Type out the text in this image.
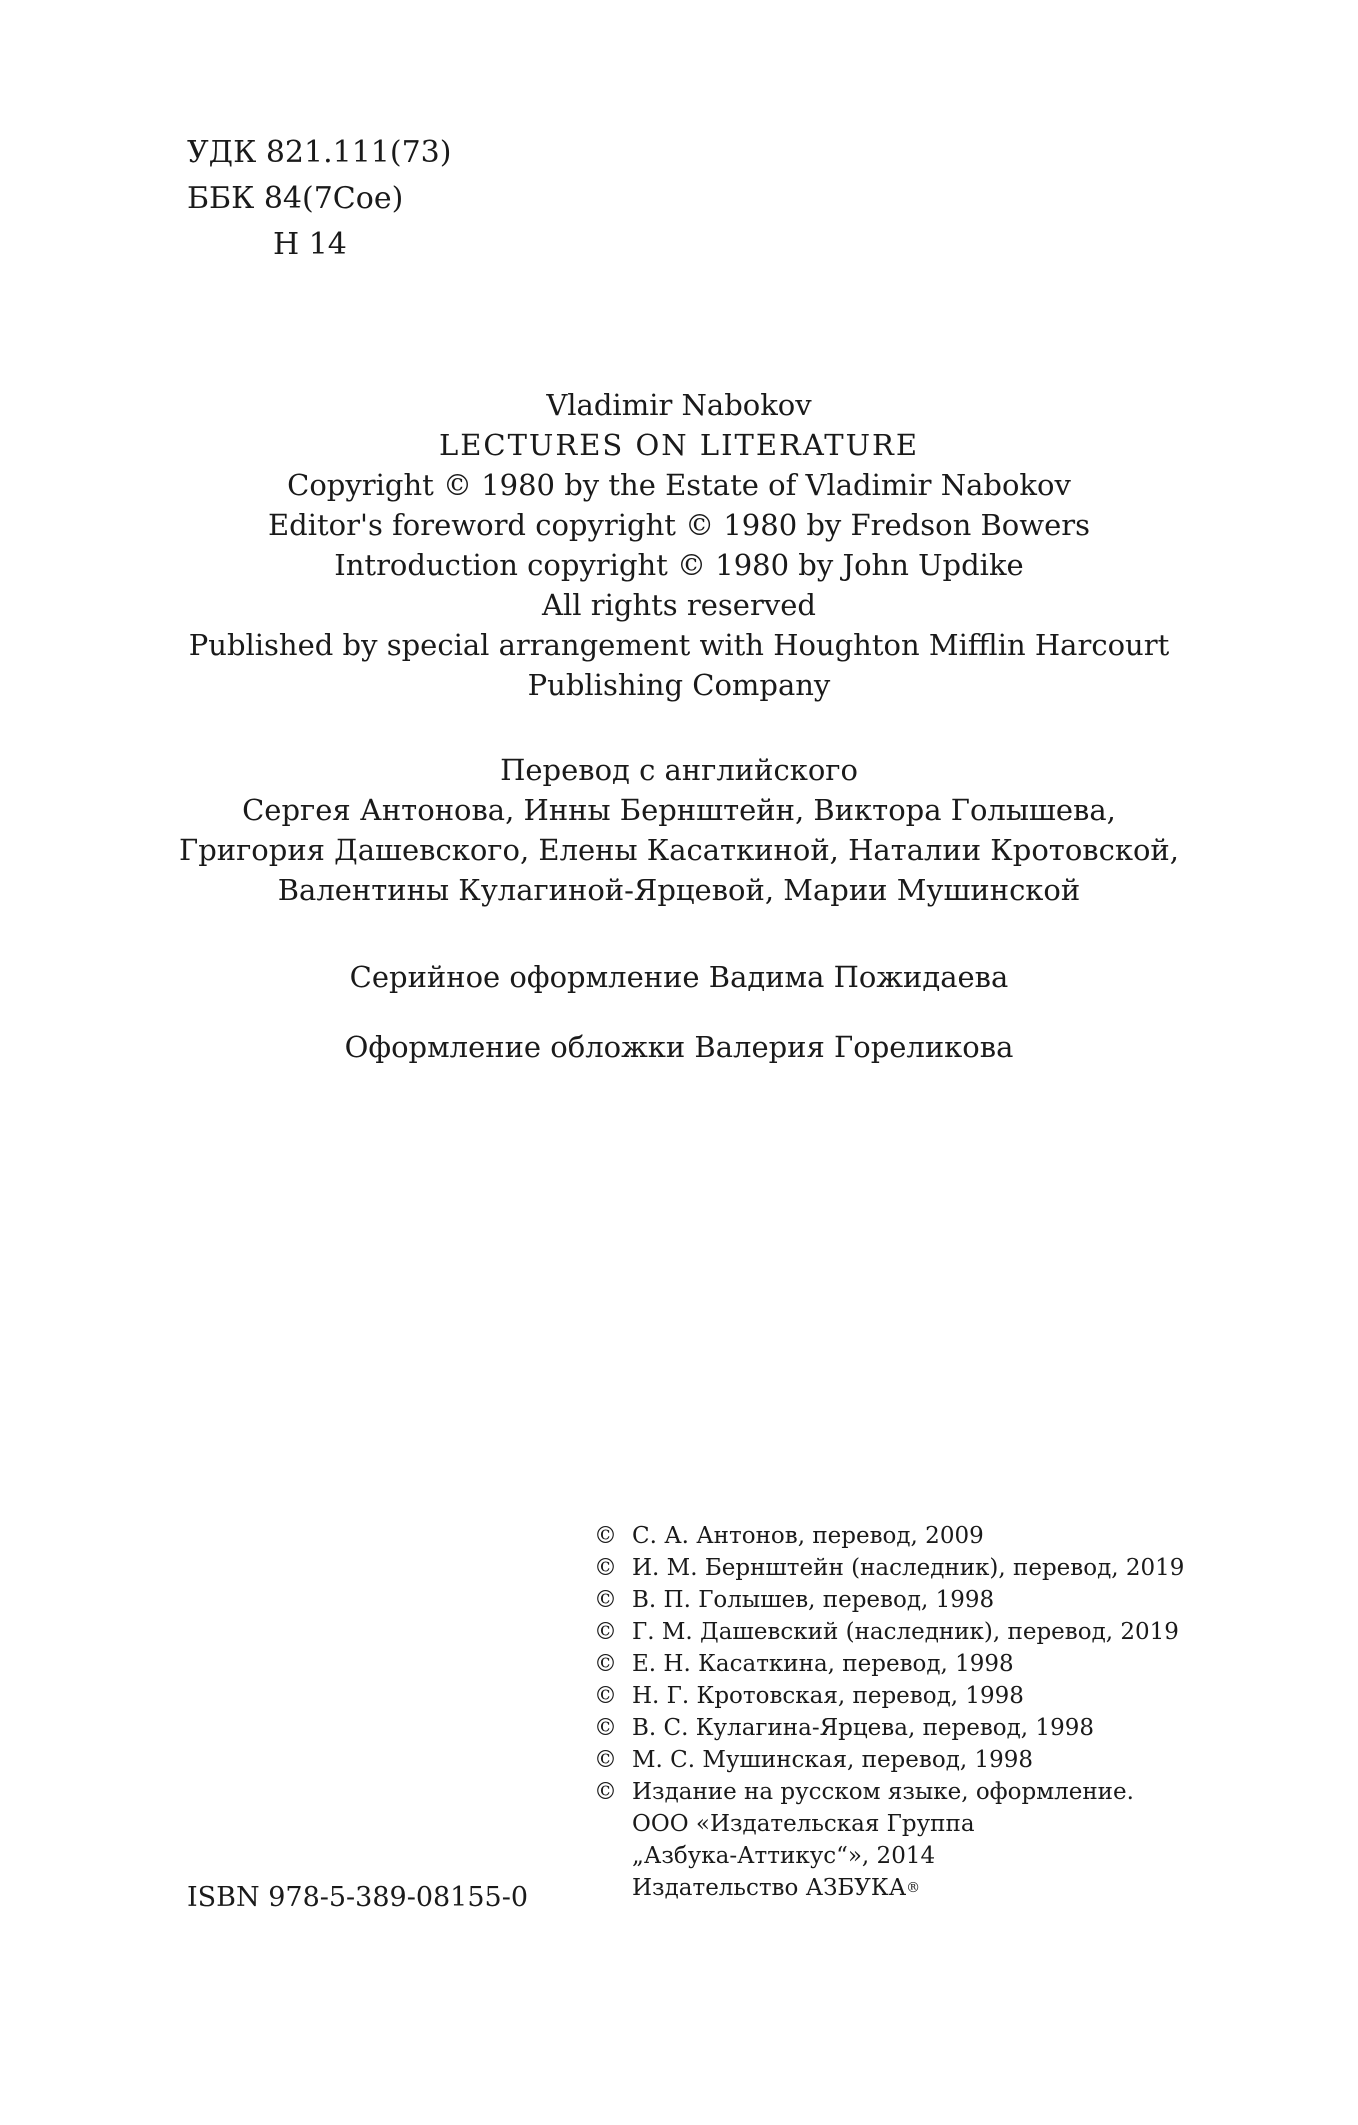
УДК 821.111(73)
ББК 84(7Сое)
Н 14
Vladimir Nabokov
LECTURES ON LITERATURE
Copyright © 1980 by the Estate of Vladimir Nabokov
Editor's foreword copyright © 1980 by Fredson Bowers
Introduction copyright © 1980 by John Updike
All rights reserved
Published by special arrangement with Houghton Mifflin Harcourt
Publishing Company
Перевод с английского
Сергея Антонова, Инны Бернштейн, Виктора Голышева,
Григория Дашевского, Елены Касаткиной, Наталии Кротовской,
Валентины Кулагиной-Ярцевой, Марии Мушинской
Серийное оформление Вадима Пожидаева
Оформление обложки Валерия Гореликова
© С. А. Антонов, перевод, 2009
© И. М. Бернштейн (наследник), перевод, 2019
© В. П. Голышев, перевод, 1998
© Г. М. Дашевский (наследник), перевод, 2019
© Е. Н. Касаткина, перевод, 1998
© Н. Г. Кротовская, перевод, 1998
© В. С. Кулагина-Ярцева, перевод, 1998
© М. С. Мушинская, перевод, 1998
© Издание на русском языке, оформление.
ООО «Издательская Группа
„Азбука-Аттикус“», 2014
Издательство АЗБУКА®
ISBN 978-5-389-08155-0
